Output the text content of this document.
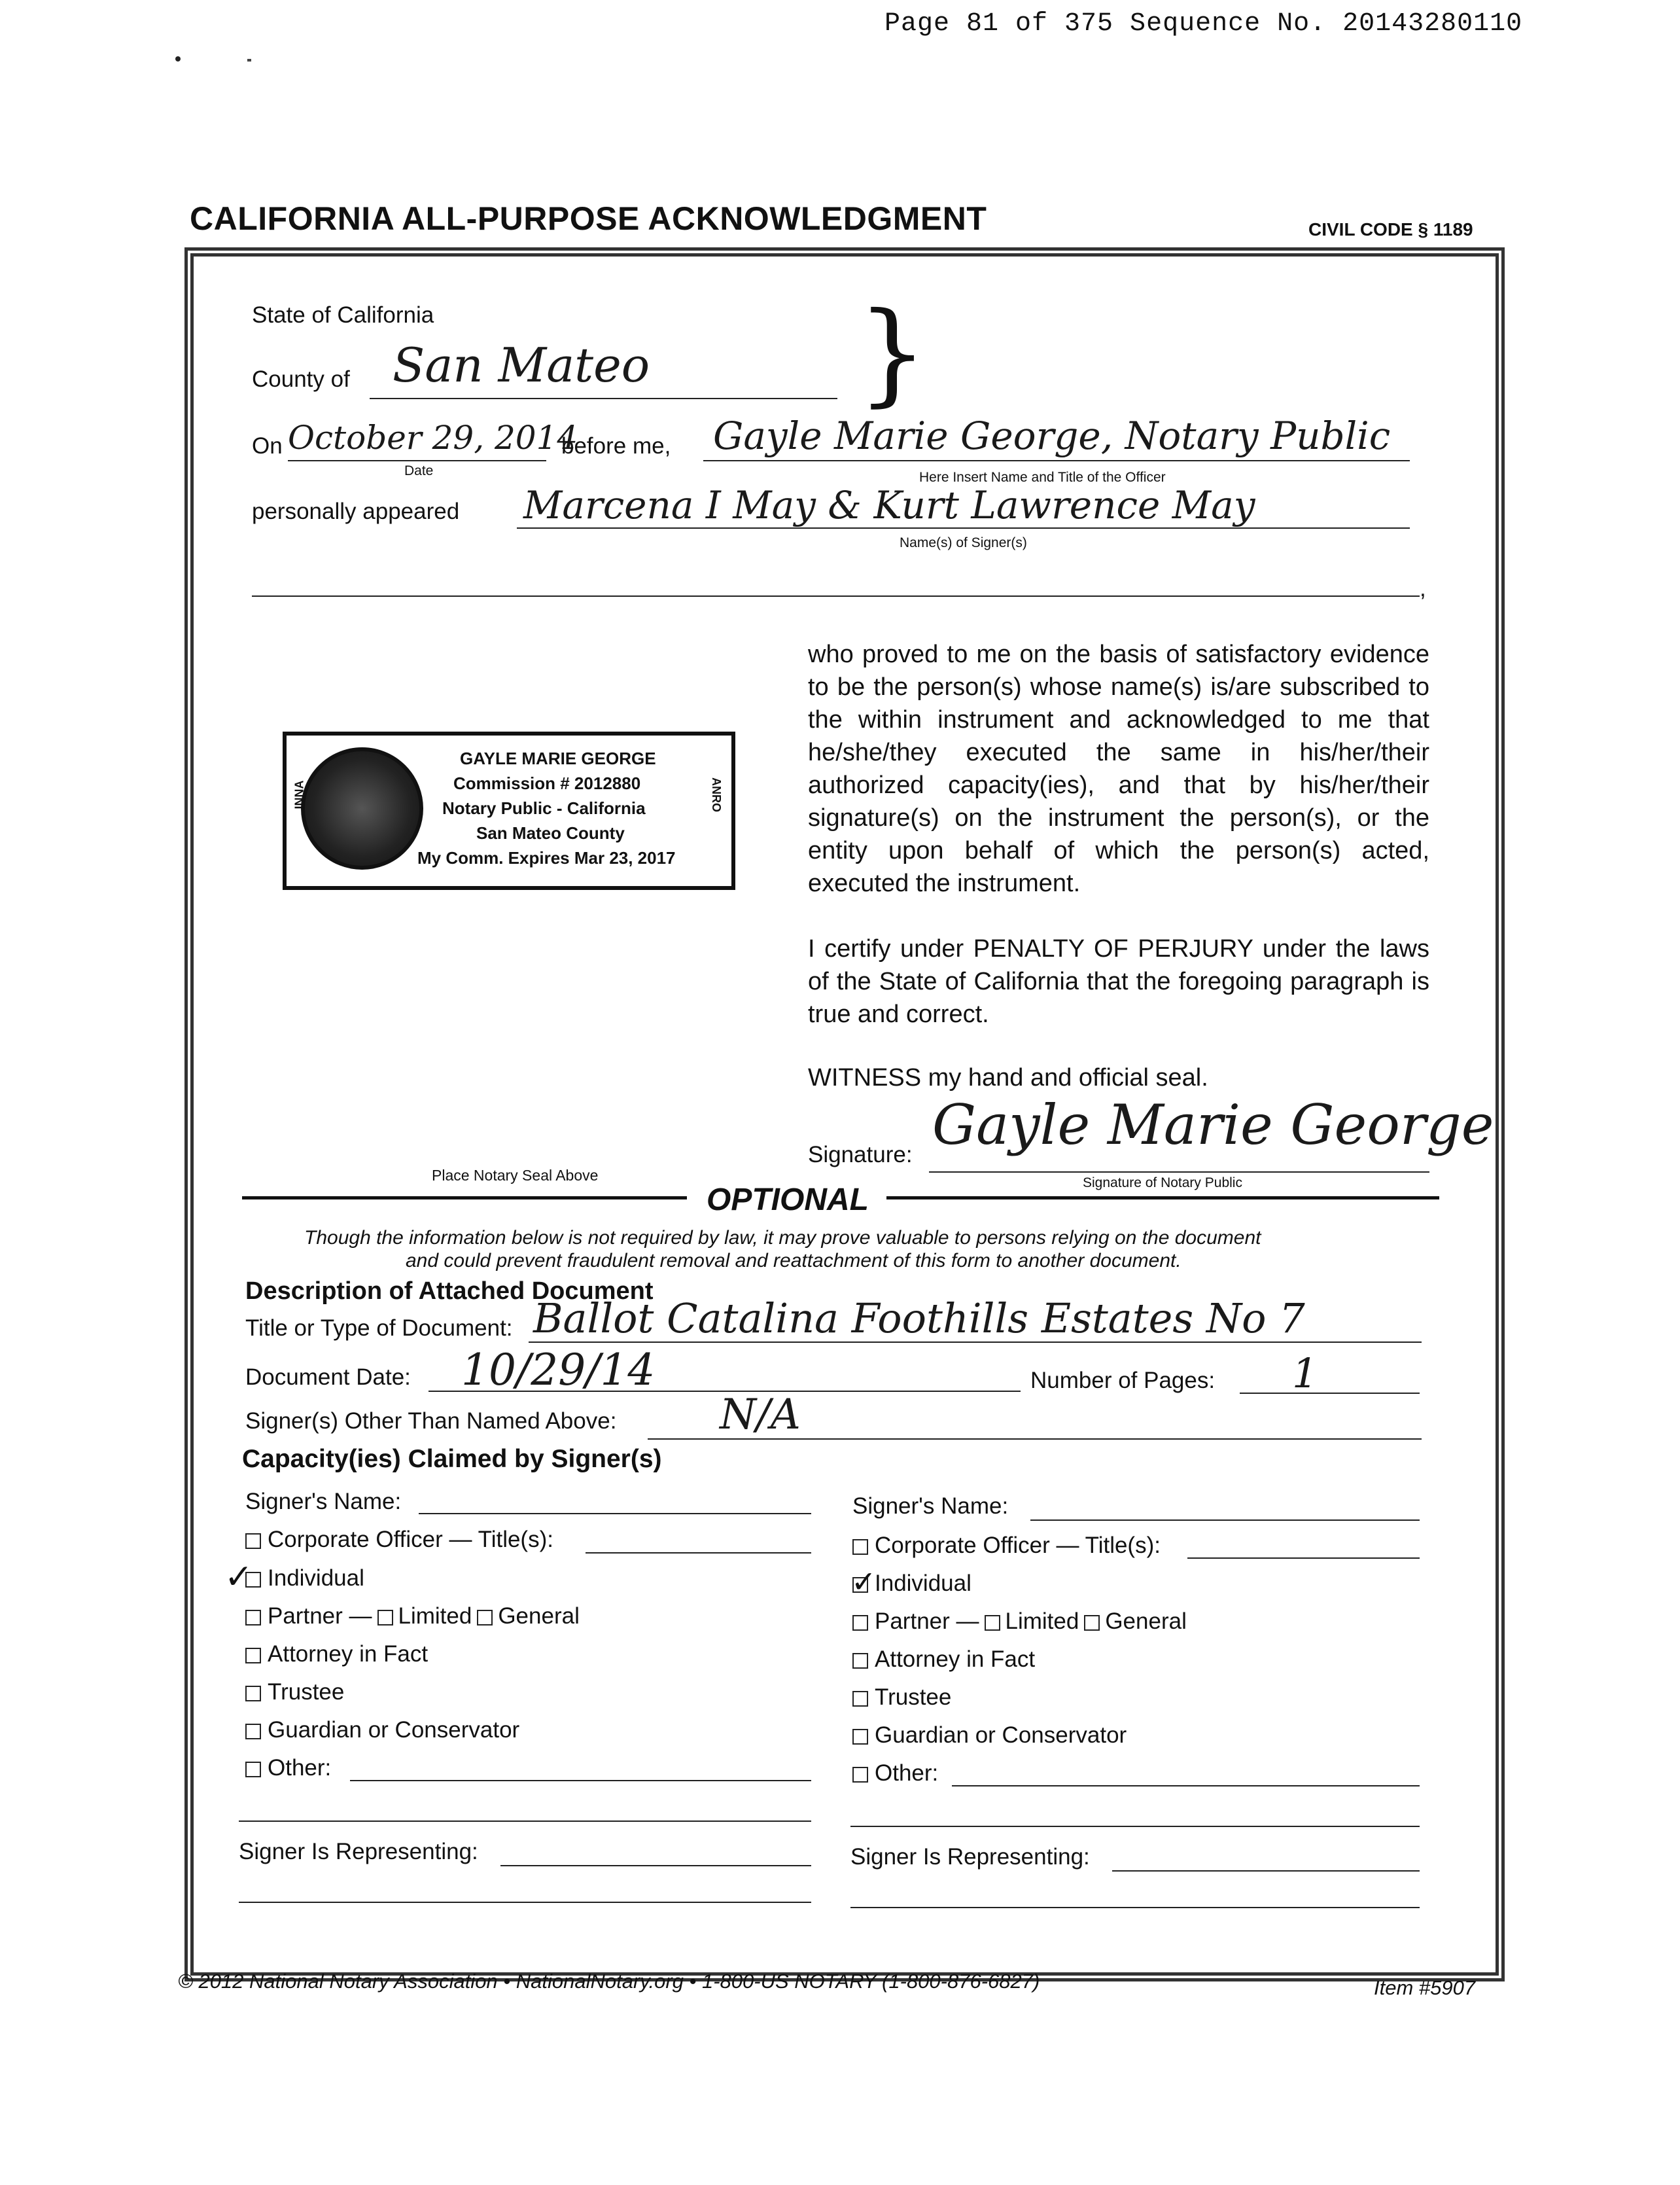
Page 81 of 375 Sequence No. 20143280110
CALIFORNIA ALL-PURPOSE ACKNOWLEDGMENT	CIVIL CODE § 1189
State of California
County of San Mateo }
On October 29, 2014
Date
before me, Gayle Marie George, Notary Public
Here Insert Name and Title of the Officer
personally appeared Marcena I May & Kurt Lawrence May
Name(s) of Signer(s)
,
who proved to me on the basis of satisfactory evidence to be the person(s) whose name(s) is/are subscribed to the within instrument and acknowledged to me that he/she/they executed the same in his/her/their authorized capacity(ies), and that by his/her/their signature(s) on the instrument the person(s), or the entity upon behalf of which the person(s) acted, executed the instrument.
I certify under PENALTY OF PERJURY under the laws of the State of California that the foregoing paragraph is true and correct.
WITNESS my hand and official seal.
INNA	ANRO
GAYLE MARIE GEORGE
Commission # 2012880
Notary Public - California
San Mateo County
My Comm. Expires Mar 23, 2017
Signature: Gayle Marie George
Signature of Notary Public
Place Notary Seal Above
OPTIONAL
Though the information below is not required by law, it may prove valuable to persons relying on the document
and could prevent fraudulent removal and reattachment of this form to another document.
Description of Attached Document
Title or Type of Document: Ballot Catalina Foothills Estates No 7
Document Date: 10/29/14	Number of Pages: 1
Signer(s) Other Than Named Above: N/A
Capacity(ies) Claimed by Signer(s)
Signer's Name:
Corporate Officer — Title(s):
✓ Individual
Partner — Limited General
Attorney in Fact
Trustee
Guardian or Conservator
Other:
Signer Is Representing:
Signer's Name:
Corporate Officer — Title(s):
✓
Individual
Partner — Limited General
Attorney in Fact
Trustee
Guardian or Conservator
Other:
Signer Is Representing:
© 2012 National Notary Association • NationalNotary.org • 1-800-US NOTARY (1-800-876-6827)	Item #5907
